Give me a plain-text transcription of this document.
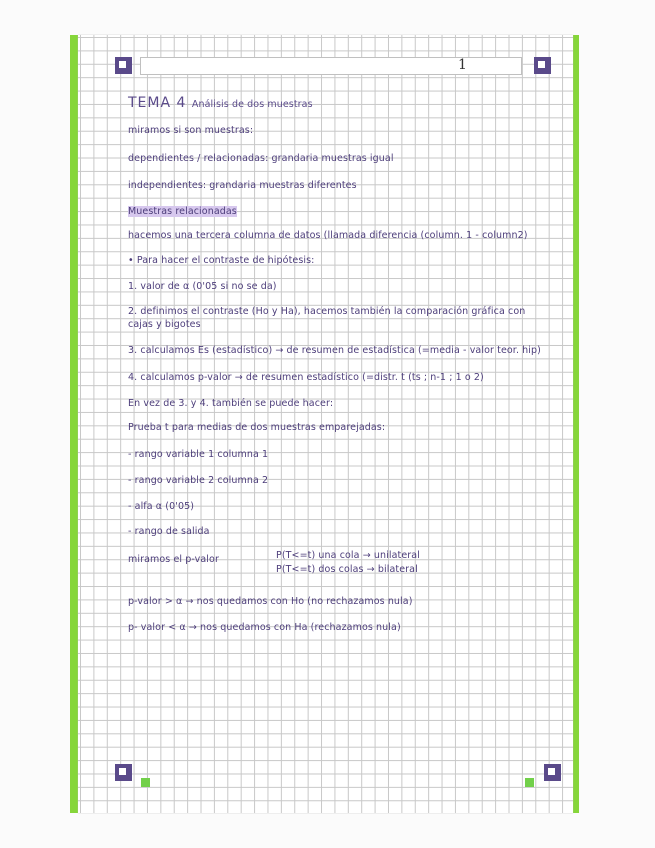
1
TEMA 4 Análisis de dos muestras
miramos si son muestras:
dependientes / relacionadas: grandaria muestras igual
independientes: grandaria muestras diferentes
Muestras relacionadas
hacemos una tercera columna de datos (llamada diferencia (column. 1 - column2)
• Para hacer el contraste de hipótesis:
1. valor de α (0'05 si no se da)
2. definimos el contraste (Ho y Ha), hacemos también la comparación gráfica con
cajas y bigotes
3. calculamos Es (estadístico) → de resumen de estadística (=media - valor teor. hip)
4. calculamos p-valor → de resumen estadístico (=distr. t (ts ; n-1 ; 1 o 2)
En vez de 3. y 4. también se puede hacer:
Prueba t para medias de dos muestras emparejadas:
- rango variable 1 columna 1
- rango variable 2 columna 2
- alfa α (0'05)
- rango de salida
miramos el p-valor	P(T<=t) una cola → unilateral
P(T<=t) dos colas → bilateral
p-valor > α → nos quedamos con Ho (no rechazamos nula)
p- valor < α → nos quedamos con Ha (rechazamos nula)
